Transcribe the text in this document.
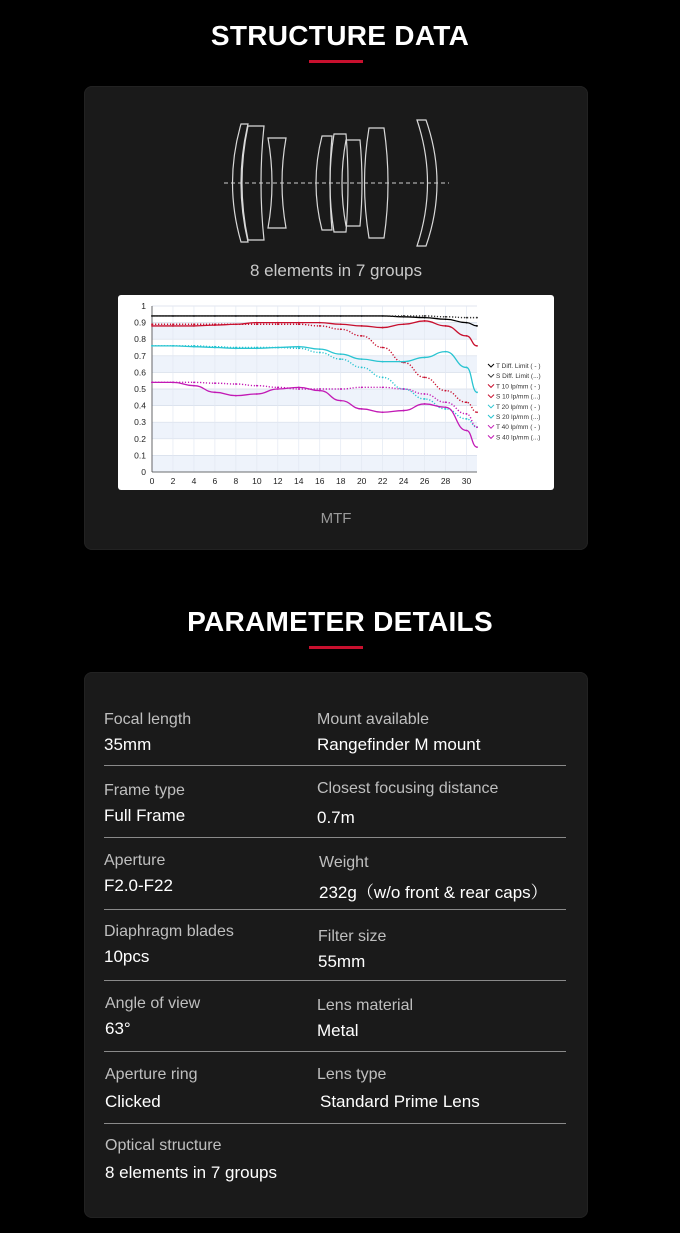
STRUCTURE DATA
8 elements in 7 groups
0
0.1
0.2
0.3
0.4
0.5
0.6
0.7
0.8
0.9
1
0 2 4 6 8 10 12 14 16 18 20 22 24 26 28 30
T Diff. Limit ( - )
S Diff. Limit (...)
T 10 lp/mm ( - )
S 10 lp/mm (...)
T 20 lp/mm ( - )
S 20 lp/mm (...)
T 40 lp/mm ( - )
S 40 lp/mm (...)
MTF
PARAMETER DETAILS
Focal length
35mm
Mount available
Rangefinder M mount
Frame type
Full Frame
Closest focusing distance
0.7m
Aperture
F2.0-F22
Weight
232g（w/o front & rear caps）
Diaphragm blades
10pcs
Filter size
55mm
Angle of view
63°
Lens material
Metal
Aperture ring
Clicked
Lens type
Standard Prime Lens
Optical structure
8 elements in 7 groups
